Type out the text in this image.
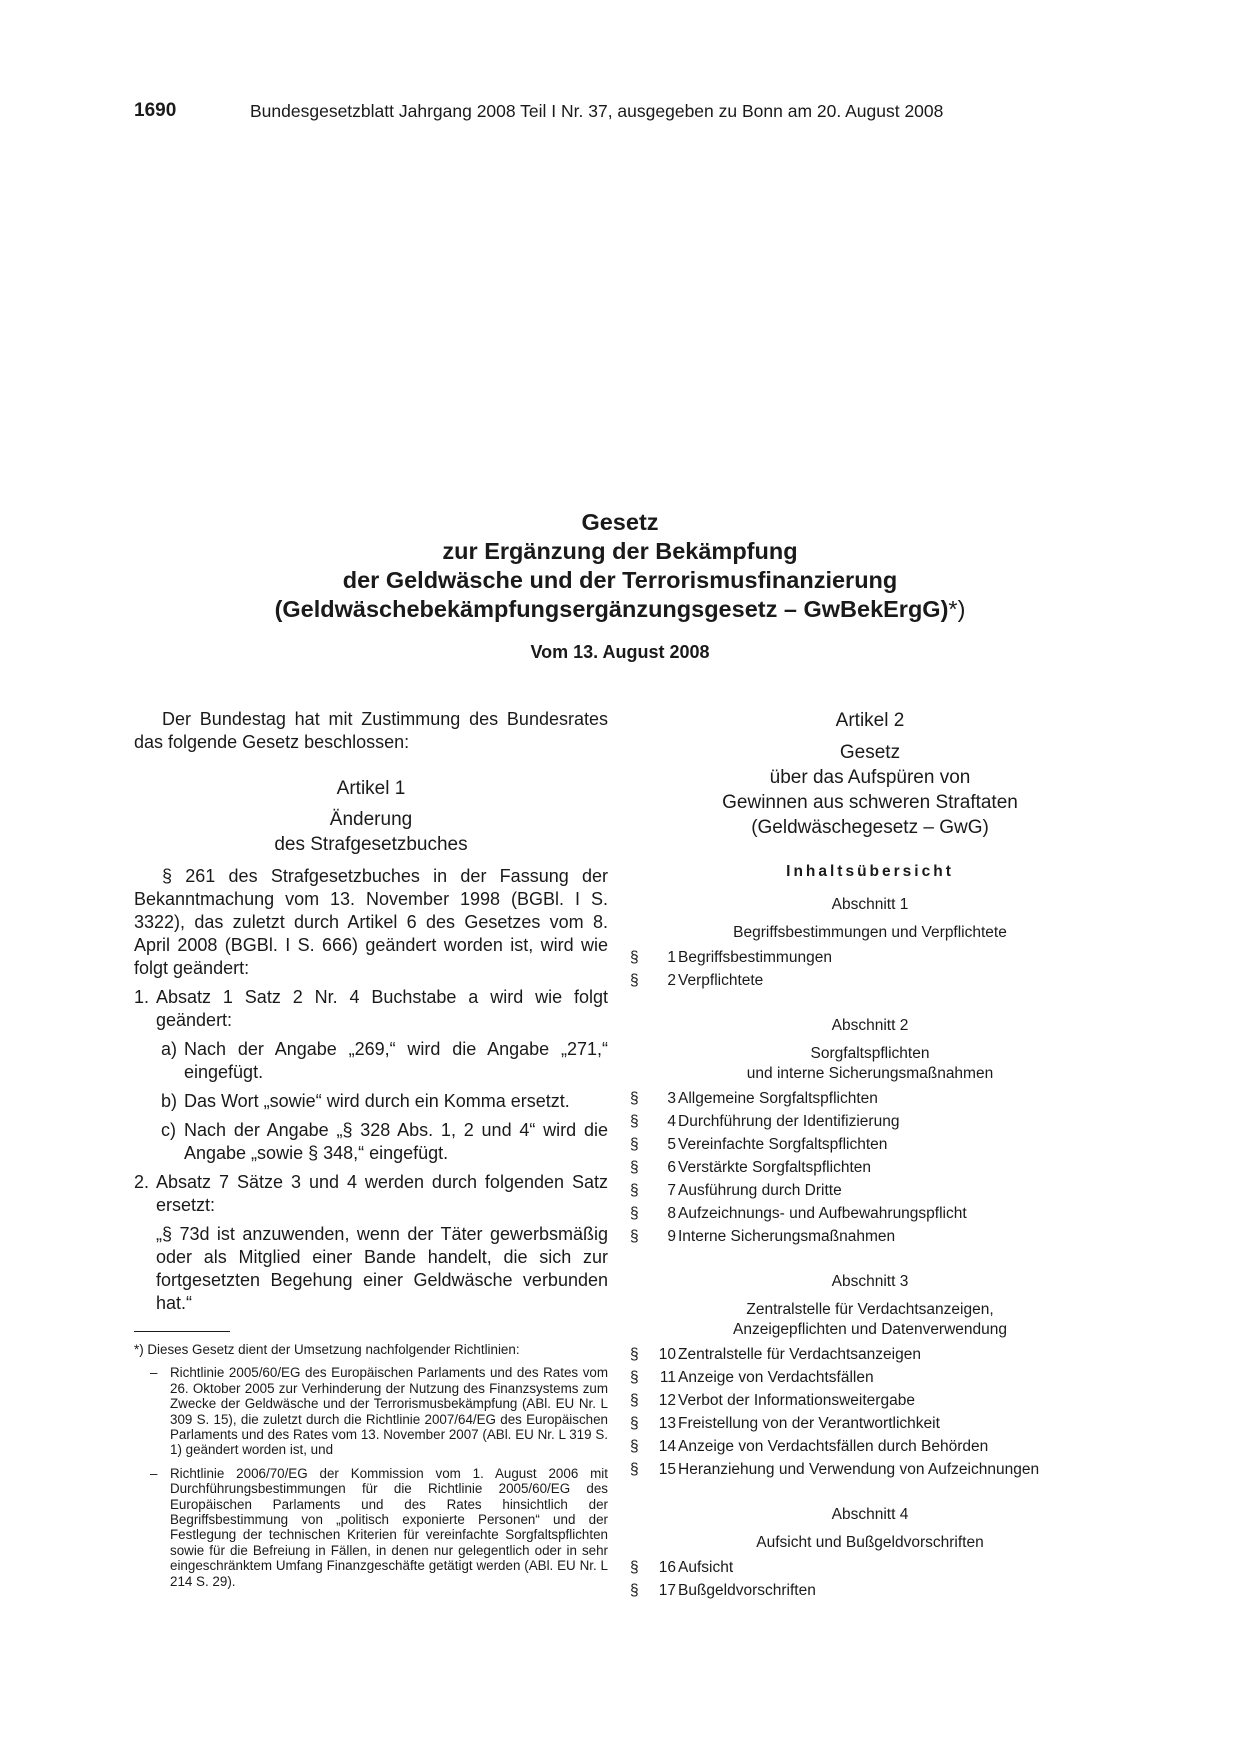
1690	Bundesgesetzblatt Jahrgang 2008 Teil I Nr. 37, ausgegeben zu Bonn am 20. August 2008
Gesetz
zur Ergänzung der Bekämpfung
der Geldwäsche und der Terrorismusfinanzierung
(Geldwäschebekämpfungsergänzungsgesetz – GwBekErgG)*)
Vom 13. August 2008

Der Bundestag hat mit Zustimmung des Bundesrates das folgende Gesetz beschlossen:

Artikel 1
Änderung
des Strafgesetzbuches

§ 261 des Strafgesetzbuches in der Fassung der Bekanntmachung vom 13. November 1998 (BGBl. I S. 3322), das zuletzt durch Artikel 6 des Gesetzes vom 8. April 2008 (BGBl. I S. 666) geändert worden ist, wird wie folgt geändert:

1. Absatz 1 Satz 2 Nr. 4 Buchstabe a wird wie folgt geändert:
a) Nach der Angabe „269,“ wird die Angabe „271,“ eingefügt.
b) Das Wort „sowie“ wird durch ein Komma ersetzt.
c) Nach der Angabe „§ 328 Abs. 1, 2 und 4“ wird die Angabe „sowie § 348,“ eingefügt.
2. Absatz 7 Sätze 3 und 4 werden durch folgenden Satz ersetzt:

„§ 73d ist anzuwenden, wenn der Täter gewerbsmäßig oder als Mitglied einer Bande handelt, die sich zur fortgesetzten Begehung einer Geldwäsche verbunden hat.“

*) Dieses Gesetz dient der Umsetzung nachfolgender Richtlinien:

– Richtlinie 2005/60/EG des Europäischen Parlaments und des Rates vom 26. Oktober 2005 zur Verhinderung der Nutzung des Finanzsystems zum Zwecke der Geldwäsche und der Terrorismusbekämpfung (ABl. EU Nr. L 309 S. 15), die zuletzt durch die Richtlinie 2007/64/EG des Europäischen Parlaments und des Rates vom 13. November 2007 (ABl. EU Nr. L 319 S. 1) geändert worden ist, und
– Richtlinie 2006/70/EG der Kommission vom 1. August 2006 mit Durchführungsbestimmungen für die Richtlinie 2005/60/EG des Europäischen Parlaments und des Rates hinsichtlich der Begriffsbestimmung von „politisch exponierte Personen“ und der Festlegung der technischen Kriterien für vereinfachte Sorgfaltspflichten sowie für die Befreiung in Fällen, in denen nur gelegentlich oder in sehr eingeschränktem Umfang Finanzgeschäfte getätigt werden (ABl. EU Nr. L 214 S. 29).
Artikel 2
Gesetz
über das Aufspüren von
Gewinnen aus schweren Straftaten
(Geldwäschegesetz – GwG)
Inhaltsübersicht
Abschnitt 1
Begriffsbestimmungen und Verpflichtete
§	1 Begriffsbestimmungen
§	2 Verpflichtete
Abschnitt 2
Sorgfaltspflichten
und interne Sicherungsmaßnahmen
§	3 Allgemeine Sorgfaltspflichten
§	4 Durchführung der Identifizierung
§	5 Vereinfachte Sorgfaltspflichten
§	6 Verstärkte Sorgfaltspflichten
§	7 Ausführung durch Dritte
§	8 Aufzeichnungs- und Aufbewahrungspflicht
§	9 Interne Sicherungsmaßnahmen
Abschnitt 3
Zentralstelle für Verdachtsanzeigen,
Anzeigepflichten und Datenverwendung
§	10 Zentralstelle für Verdachtsanzeigen
§	11 Anzeige von Verdachtsfällen
§	12 Verbot der Informationsweitergabe
§	13 Freistellung von der Verantwortlichkeit
§	14 Anzeige von Verdachtsfällen durch Behörden
§	15 Heranziehung und Verwendung von Aufzeichnungen
Abschnitt 4
Aufsicht und Bußgeldvorschriften
§	16 Aufsicht
§	17 Bußgeldvorschriften
